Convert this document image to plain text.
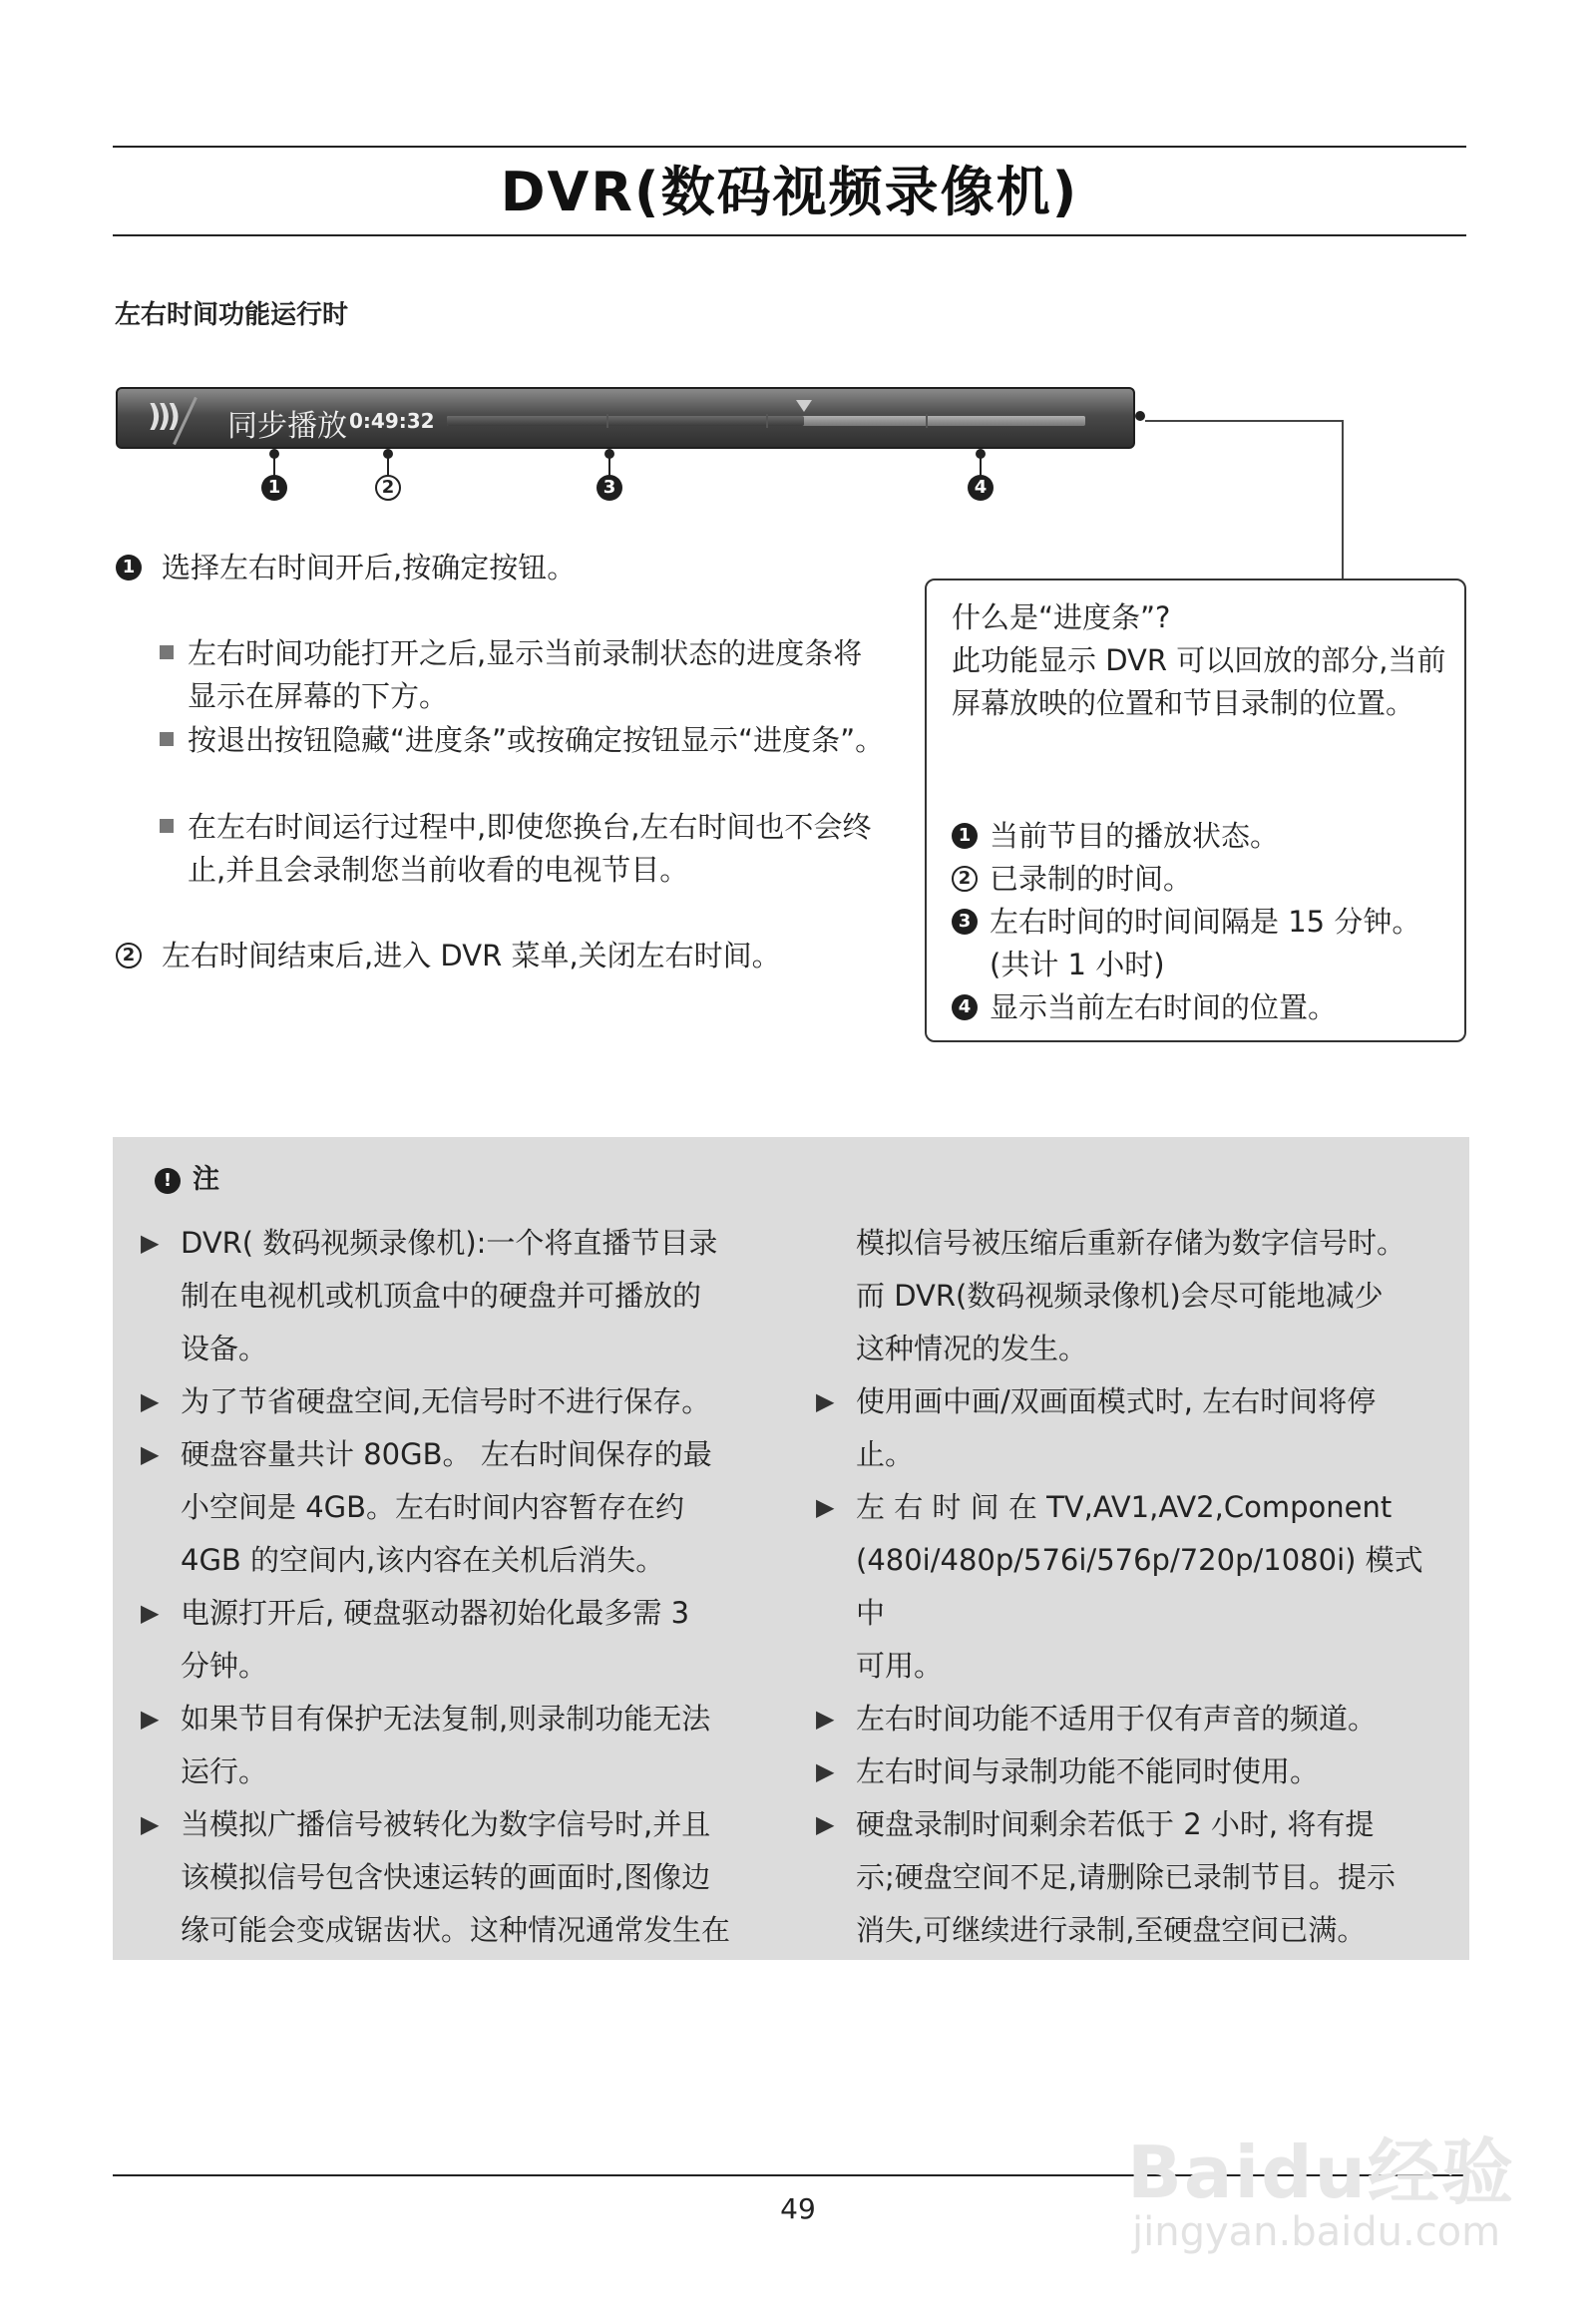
DVR(数码视频录像机)
左右时间功能运行时
))) 同步播放 0:49:32
1	2	3	4
1 选择左右时间开后,按确定按钮。
左右时间功能打开之后,显示当前录制状态的进度条将显示在屏幕的下方。
按退出按钮隐藏“进度条”或按确定按钮显示“进度条”。
在左右时间运行过程中,即使您换台,左右时间也不会终止,并且会录制您当前收看的电视节目。
2 左右时间结束后,进入 DVR 菜单,关闭左右时间。
什么是“进度条”?
此功能显示 DVR 可以回放的部分,当前屏幕放映的位置和节目录制的位置。
1 当前节目的播放状态。
2 已录制的时间。
3 左右时间的时间间隔是 15 分钟。
(共计 1 小时)
4 显示当前左右时间的位置。
! 注
▶ DVR( 数码视频录像机):一个将直播节目录
制在电视机或机顶盒中的硬盘并可播放的
设备。
▶ 为了节省硬盘空间,无信号时不进行保存。
▶ 硬盘容量共计 80GB。 左右时间保存的最
小空间是 4GB。左右时间内容暂存在约
4GB 的空间内,该内容在关机后消失。
▶ 电源打开后, 硬盘驱动器初始化最多需 3
分钟。
▶ 如果节目有保护无法复制,则录制功能无法
运行。
▶ 当模拟广播信号被转化为数字信号时,并且
该模拟信号包含快速运转的画面时,图像边
缘可能会变成锯齿状。这种情况通常发生在
模拟信号被压缩后重新存储为数字信号时。
而 DVR(数码视频录像机)会尽可能地减少
这种情况的发生。
▶ 使用画中画/双画面模式时, 左右时间将停
止。
▶ 左 右 时 间 在 TV,AV1,AV2,Component
(480i/480p/576i/576p/720p/1080i) 模式中
可用。
▶ 左右时间功能不适用于仅有声音的频道。
▶ 左右时间与录制功能不能同时使用。
▶ 硬盘录制时间剩余若低于 2 小时, 将有提
示;硬盘空间不足,请删除已录制节目。提示
消失,可继续进行录制,至硬盘空间已满。
49	Baidu经验
jingyan.baidu.com
